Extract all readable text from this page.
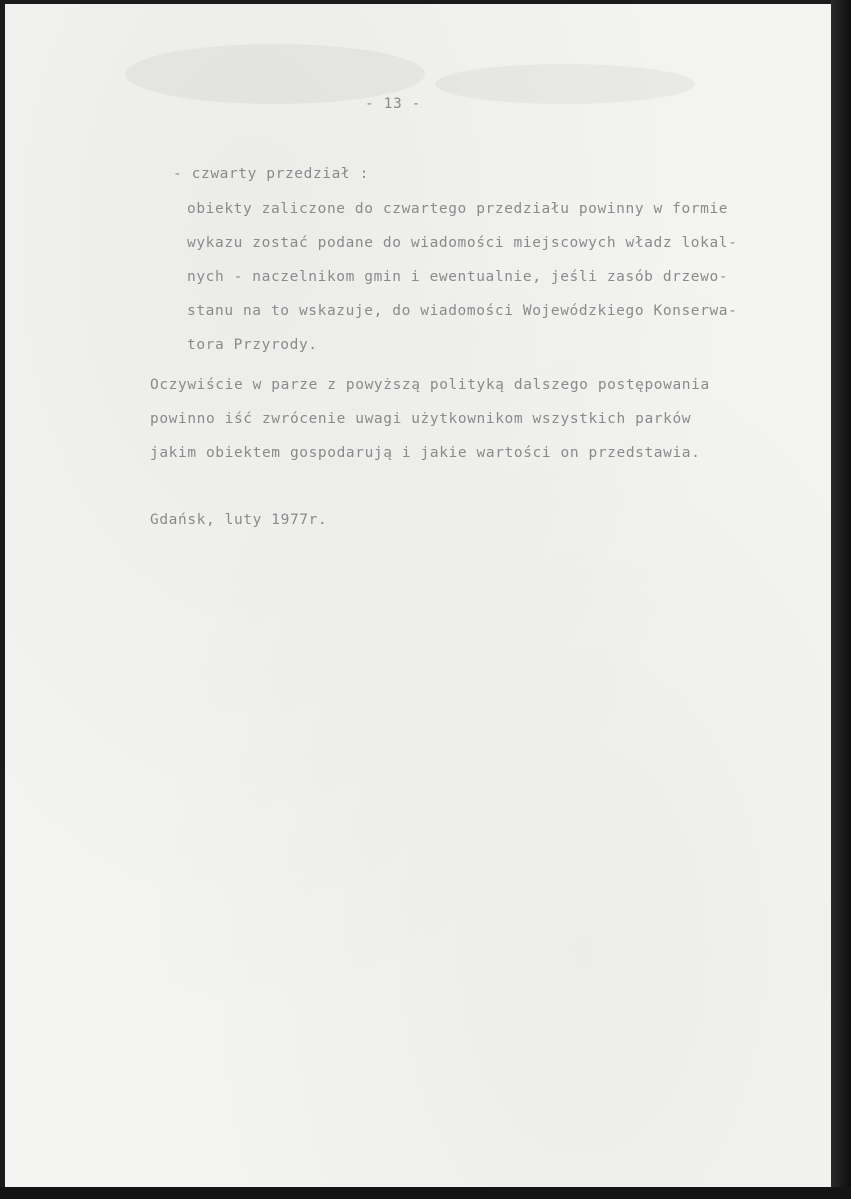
- 13 -

- czwarty przedział :

obiekty zaliczone do czwartego przedziału powinny w formie

wykazu zostać podane do wiadomości miejscowych władz lokal-

nych - naczelnikom gmin i ewentualnie, jeśli zasób drzewo-

stanu na to wskazuje, do wiadomości Wojewódzkiego Konserwa-

tora Przyrody.

Oczywiście w parze z powyższą polityką dalszego postępowania

powinno iść zwrócenie uwagi użytkownikom wszystkich parków

jakim obiektem gospodarują i jakie wartości on przedstawia.

Gdańsk, luty 1977r.
